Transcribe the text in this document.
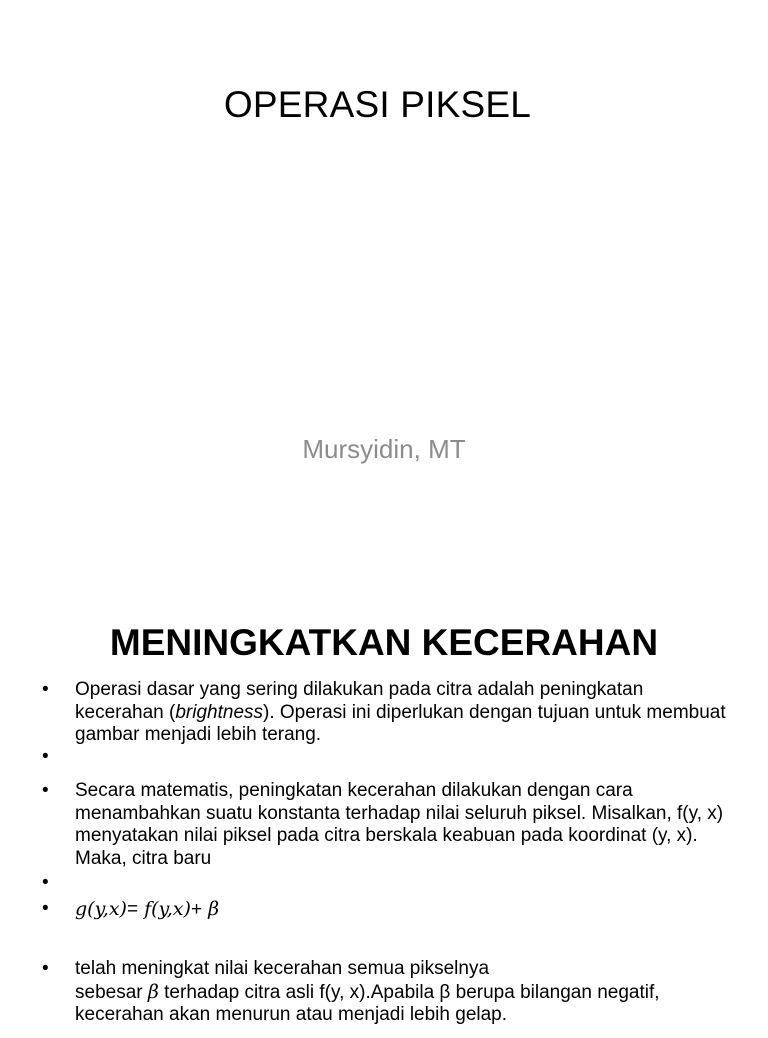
OPERASI PIKSEL

Mursyidin, MT

MENINGKATKAN KECERAHAN
• Operasi dasar yang sering dilakukan pada citra adalah peningkatan kecerahan (brightness). Operasi ini diperlukan dengan tujuan untuk membuat gambar menjadi lebih terang.
•
• Secara matematis, peningkatan kecerahan dilakukan dengan cara menambahkan suatu konstanta terhadap nilai seluruh piksel. Misalkan, f(y, x) menyatakan nilai piksel pada citra berskala keabuan pada koordinat (y, x). Maka, citra baru
•
• g(y,x)= f(y,x)+ β
• telah meningkat nilai kecerahan semua pikselnya
sebesar β terhadap citra asli f(y, x).Apabila β berupa bilangan negatif, kecerahan akan menurun atau menjadi lebih gelap.
